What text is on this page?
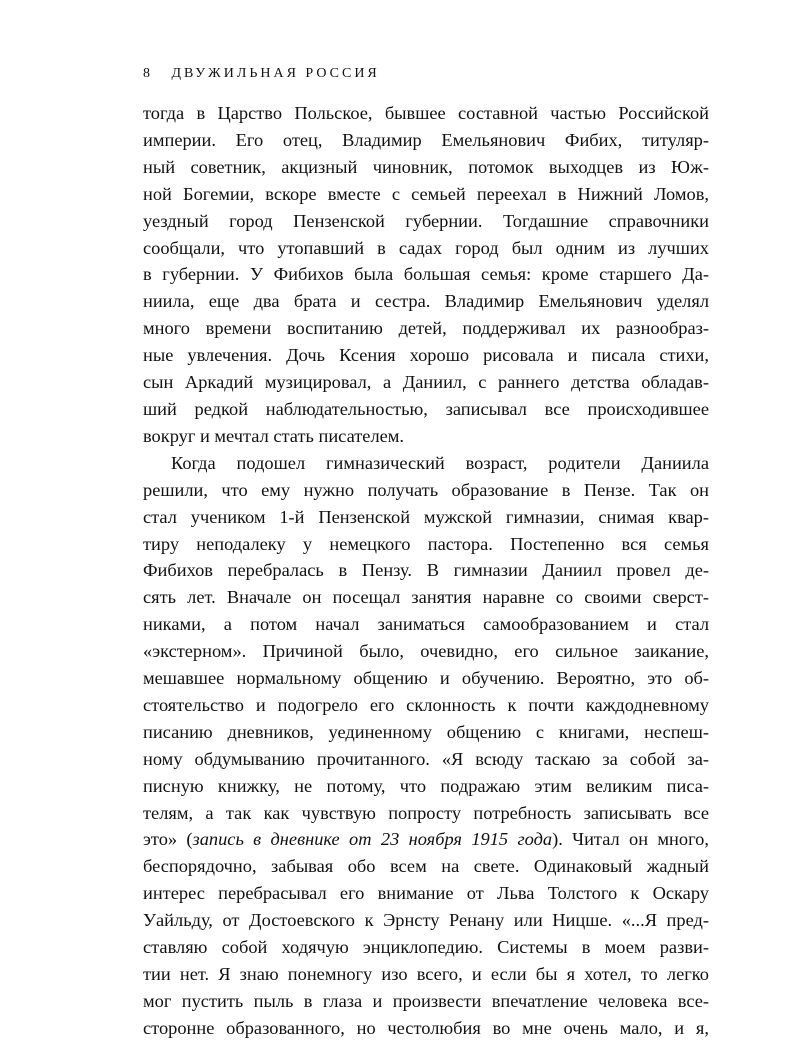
8 ДВУЖИЛЬНАЯ РОССИЯ
тогда в Царство Польское, бывшее составной частью Российской
империи. Его отец, Владимир Емельянович Фибих, титуляр-
ный советник, акцизный чиновник, потомок выходцев из Юж-
ной Богемии, вскоре вместе с семьей переехал в Нижний Ломов,
уездный город Пензенской губернии. Тогдашние справочники
сообщали, что утопавший в садах город был одним из лучших
в губернии. У Фибихов была большая семья: кроме старшего Да-
ниила, еще два брата и сестра. Владимир Емельянович уделял
много времени воспитанию детей, поддерживал их разнообраз-
ные увлечения. Дочь Ксения хорошо рисовала и писала стихи,
сын Аркадий музицировал, а Даниил, с раннего детства обладав-
ший редкой наблюдательностью, записывал все происходившее
вокруг и мечтал стать писателем.
Когда подошел гимназический возраст, родители Даниила
решили, что ему нужно получать образование в Пензе. Так он
стал учеником 1-й Пензенской мужской гимназии, снимая квар-
тиру неподалеку у немецкого пастора. Постепенно вся семья
Фибихов перебралась в Пензу. В гимназии Даниил провел де-
сять лет. Вначале он посещал занятия наравне со своими сверст-
никами, а потом начал заниматься самообразованием и стал
«экстерном». Причиной было, очевидно, его сильное заикание,
мешавшее нормальному общению и обучению. Вероятно, это об-
стоятельство и подогрело его склонность к почти каждодневному
писанию дневников, уединенному общению с книгами, неспеш-
ному обдумыванию прочитанного. «Я всюду таскаю за собой за-
писную книжку, не потому, что подражаю этим великим писа-
телям, а так как чувствую попросту потребность записывать все
это» (запись в дневнике от 23 ноября 1915 года). Читал он много,
беспорядочно, забывая обо всем на свете. Одинаковый жадный
интерес перебрасывал его внимание от Льва Толстого к Оскару
Уайльду, от Достоевского к Эрнсту Ренану или Ницше. «...Я пред-
ставляю собой ходячую энциклопедию. Системы в моем разви-
тии нет. Я знаю понемногу изо всего, и если бы я хотел, то легко
мог пустить пыль в глаза и произвести впечатление человека все-
сторонне образованного, но честолюбия во мне очень мало, и я,
